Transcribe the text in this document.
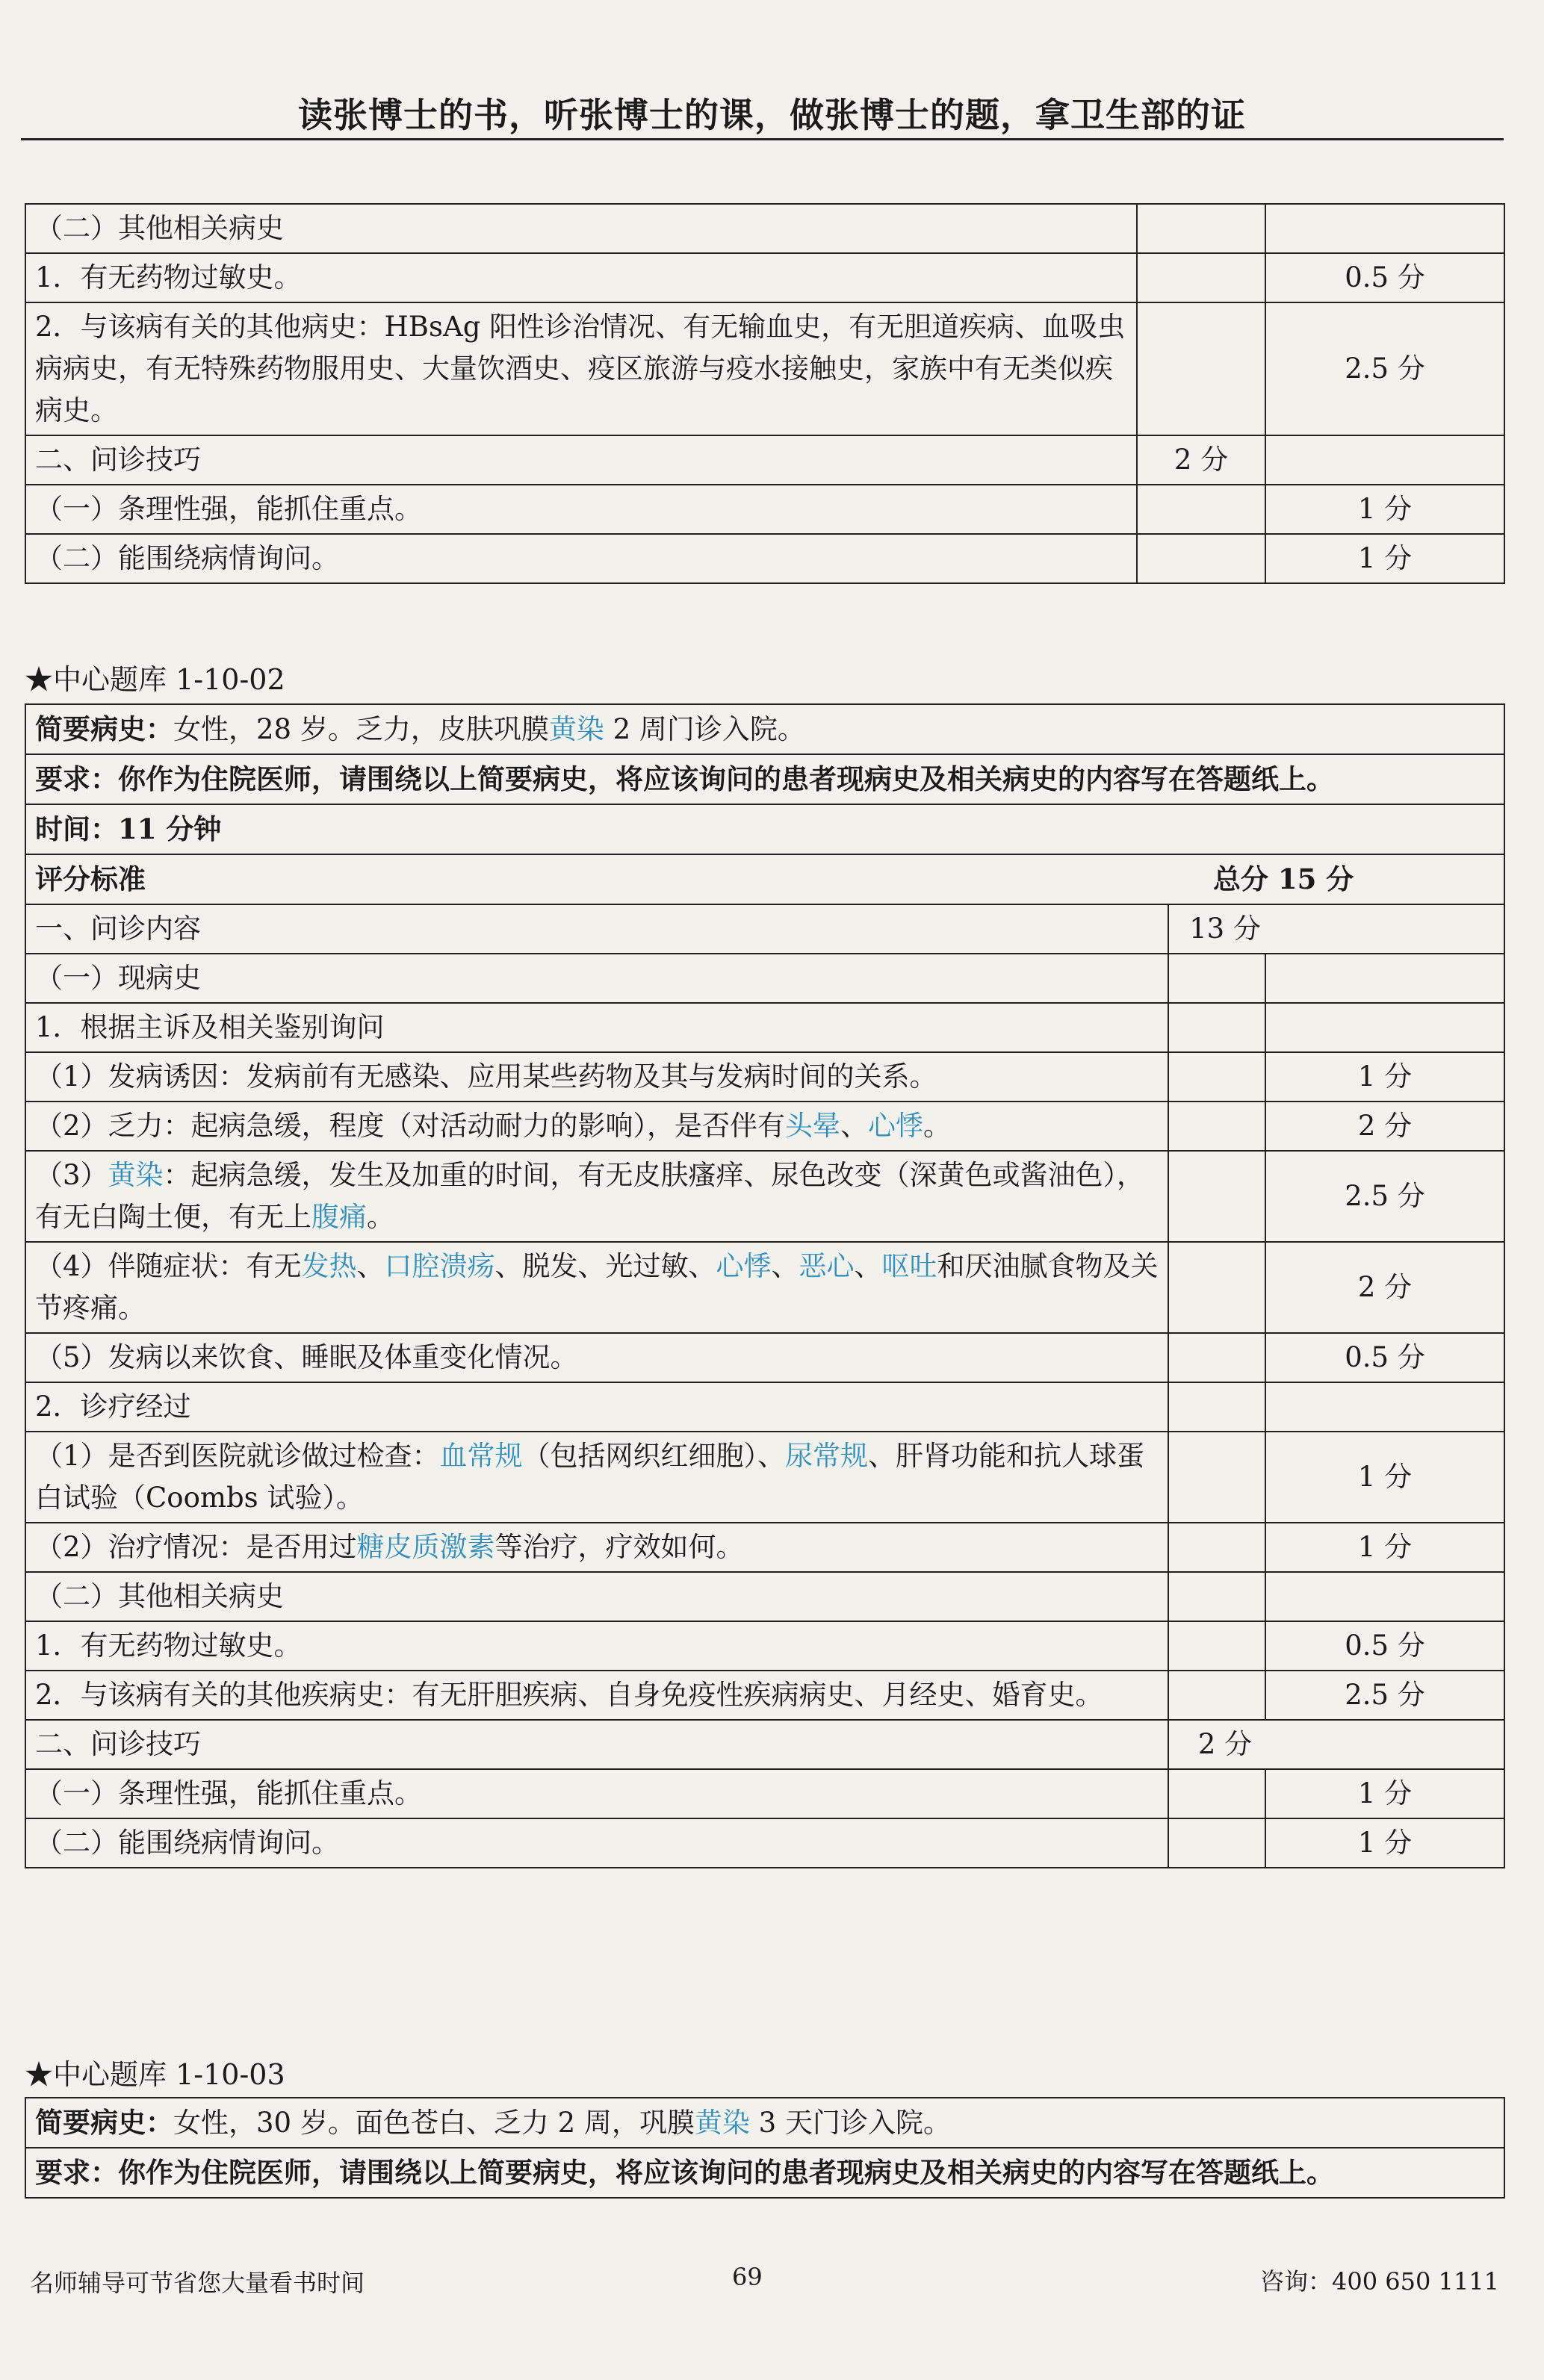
读张博士的书，听张博士的课，做张博士的题，拿卫生部的证
（二）其他相关病史		
1．有无药物过敏史。		0.5 分
2．与该病有关的其他病史：HBsAg 阳性诊治情况、有无输血史，有无胆道疾病、血吸虫病病史，有无特殊药物服用史、大量饮酒史、疫区旅游与疫水接触史，家族中有无类似疾病史。		2.5 分
二、问诊技巧	2 分	
（一）条理性强，能抓住重点。		1 分
（二）能围绕病情询问。		1 分
★中心题库 1-10-02
简要病史：女性，28 岁。乏力，皮肤巩膜黄染 2 周门诊入院。		
要求：你作为住院医师，请围绕以上简要病史，将应该询问的患者现病史及相关病史的内容写在答题纸上。		
时间：11 分钟		
评分标准		总分 15 分
一、问诊内容	13 分	
（一）现病史		
1．根据主诉及相关鉴别询问		
（1）发病诱因：发病前有无感染、应用某些药物及其与发病时间的关系。		1 分
（2）乏力：起病急缓，程度（对活动耐力的影响），是否伴有头晕、心悸。		2 分
（3）黄染：起病急缓，发生及加重的时间，有无皮肤瘙痒、尿色改变（深黄色或酱油色），有无白陶土便，有无上腹痛。		2.5 分
（4）伴随症状：有无发热、口腔溃疡、脱发、光过敏、心悸、恶心、呕吐和厌油腻食物及关节疼痛。		2 分
（5）发病以来饮食、睡眠及体重变化情况。		0.5 分
2．诊疗经过		
（1）是否到医院就诊做过检查：血常规（包括网织红细胞）、尿常规、肝肾功能和抗人球蛋白试验（Coombs 试验）。		1 分
（2）治疗情况：是否用过糖皮质激素等治疗，疗效如何。		1 分
（二）其他相关病史		
1．有无药物过敏史。		0.5 分
2．与该病有关的其他疾病史：有无肝胆疾病、自身免疫性疾病病史、月经史、婚育史。		2.5 分
二、问诊技巧	2 分	
（一）条理性强，能抓住重点。		1 分
（二）能围绕病情询问。		1 分
★中心题库 1-10-03
简要病史：女性，30 岁。面色苍白、乏力 2 周，巩膜黄染 3 天门诊入院。
要求：你作为住院医师，请围绕以上简要病史，将应该询问的患者现病史及相关病史的内容写在答题纸上。
名师辅导可节省您大量看书时间	69	咨询：400 650 1111
